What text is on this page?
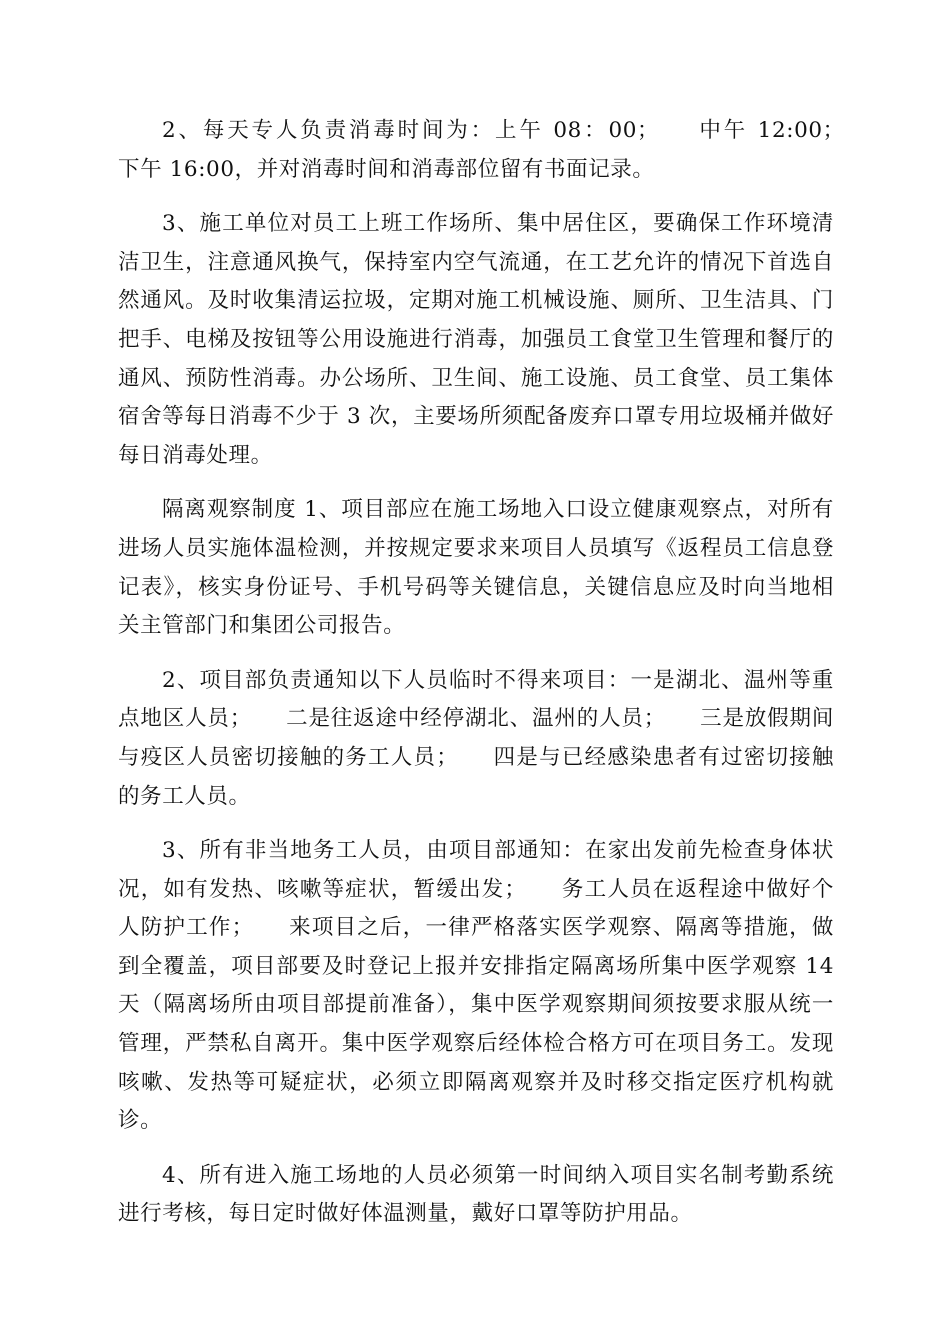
2、每天专人负责消毒时间为：上午 08：00；　　中午 12:00；　　下午 16:00，并对消毒时间和消毒部位留有书面记录。

3、施工单位对员工上班工作场所、集中居住区，要确保工作环境清洁卫生，注意通风换气，保持室内空气流通，在工艺允许的情况下首选自然通风。及时收集清运拉圾，定期对施工机械设施、厕所、卫生洁具、门把手、电梯及按钮等公用设施进行消毒，加强员工食堂卫生管理和餐厅的通风、预防性消毒。办公场所、卫生间、施工设施、员工食堂、员工集体宿舍等每日消毒不少于 3 次，主要场所须配备废弃口罩专用垃圾桶并做好每日消毒处理。

隔离观察制度 1、项目部应在施工场地入口设立健康观察点，对所有进场人员实施体温检测，并按规定要求来项目人员填写《返程员工信息登记表》，核实身份证号、手机号码等关键信息，关键信息应及时向当地相关主管部门和集团公司报告。

2、项目部负责通知以下人员临时不得来项目：一是湖北、温州等重点地区人员；　　二是往返途中经停湖北、温州的人员；　　三是放假期间与疫区人员密切接触的务工人员；　　四是与已经感染患者有过密切接触的务工人员。

3、所有非当地务工人员，由项目部通知：在家出发前先检查身体状况，如有发热、咳嗽等症状，暂缓出发；　　务工人员在返程途中做好个人防护工作；　　来项目之后，一律严格落实医学观察、隔离等措施，做到全覆盖，项目部要及时登记上报并安排指定隔离场所集中医学观察 14 天（隔离场所由项目部提前准备），集中医学观察期间须按要求服从统一管理，严禁私自离开。集中医学观察后经体检合格方可在项目务工。发现咳嗽、发热等可疑症状，必须立即隔离观察并及时移交指定医疗机构就诊。

4、所有进入施工场地的人员必须第一时间纳入项目实名制考勤系统进行考核，每日定时做好体温测量，戴好口罩等防护用品。
